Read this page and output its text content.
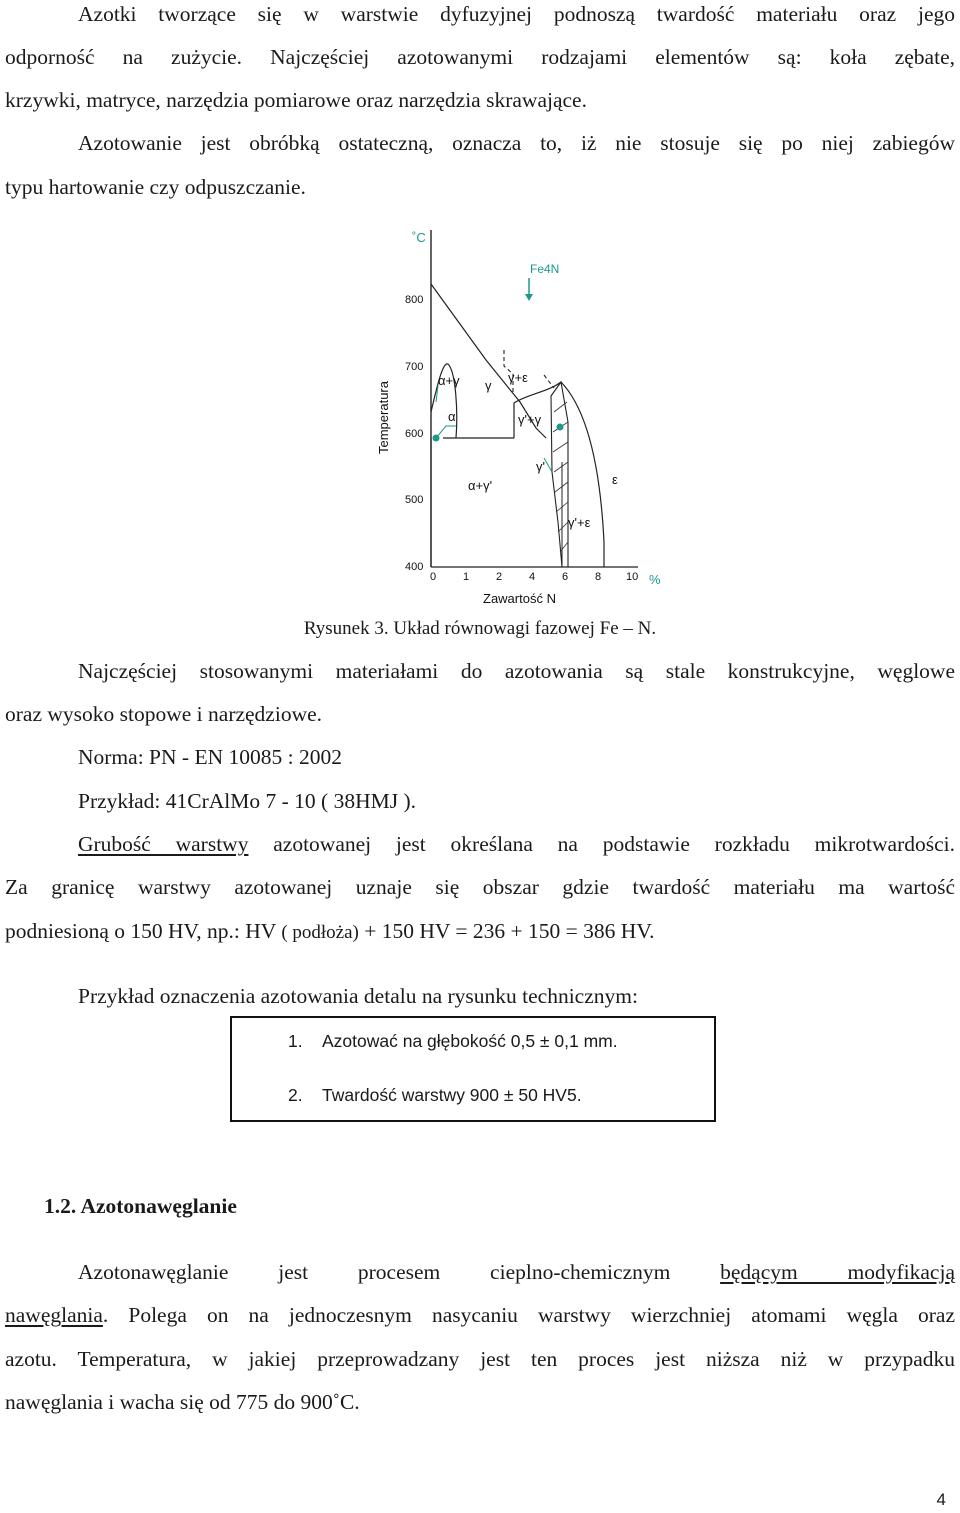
Azotki tworzące się w warstwie dyfuzyjnej podnoszą twardość materiału oraz jego
odporność na zużycie. Najczęściej azotowanymi rodzajami elementów są: koła zębate,
krzywki, matryce, narzędzia pomiarowe oraz narzędzia skrawające.
Azotowanie jest obróbką ostateczną, oznacza to, iż nie stosuje się po niej zabiegów
typu hartowanie czy odpuszczanie.
˚C
Fe4N
Temperatura
800
700
600
500
400
0 1 2 4 6 8 10 %
Zawartość N
α+γ γ
γ+ε
α	γ'+γ
γ'
α+γ'	ε
γ'+ε
Rysunek 3. Układ równowagi fazowej Fe – N.
Najczęściej stosowanymi materiałami do azotowania są stale konstrukcyjne, węglowe
oraz wysoko stopowe i narzędziowe.
Norma: PN - EN 10085 : 2002
Przykład: 41CrAlMo 7 - 10 ( 38HMJ ).
Grubość warstwy azotowanej jest określana na podstawie rozkładu mikrotwardości.
Za granicę warstwy azotowanej uznaje się obszar gdzie twardość materiału ma wartość
podniesioną o 150 HV, np.: HV ( podłoża) + 150 HV = 236 + 150 = 386 HV.
Przykład oznaczenia azotowania detalu na rysunku technicznym:
1. Azotować na głębokość 0,5 ± 0,1 mm.
2. Twardość warstwy 900 ± 50 HV5.
1.2. Azotonawęglanie
Azotonawęglanie jest procesem cieplno-chemicznym będącym modyfikacją
nawęglania. Polega on na jednoczesnym nasycaniu warstwy wierzchniej atomami węgla oraz
azotu. Temperatura, w jakiej przeprowadzany jest ten proces jest niższa niż w przypadku
nawęglania i wacha się od 775 do 900˚C.
4
